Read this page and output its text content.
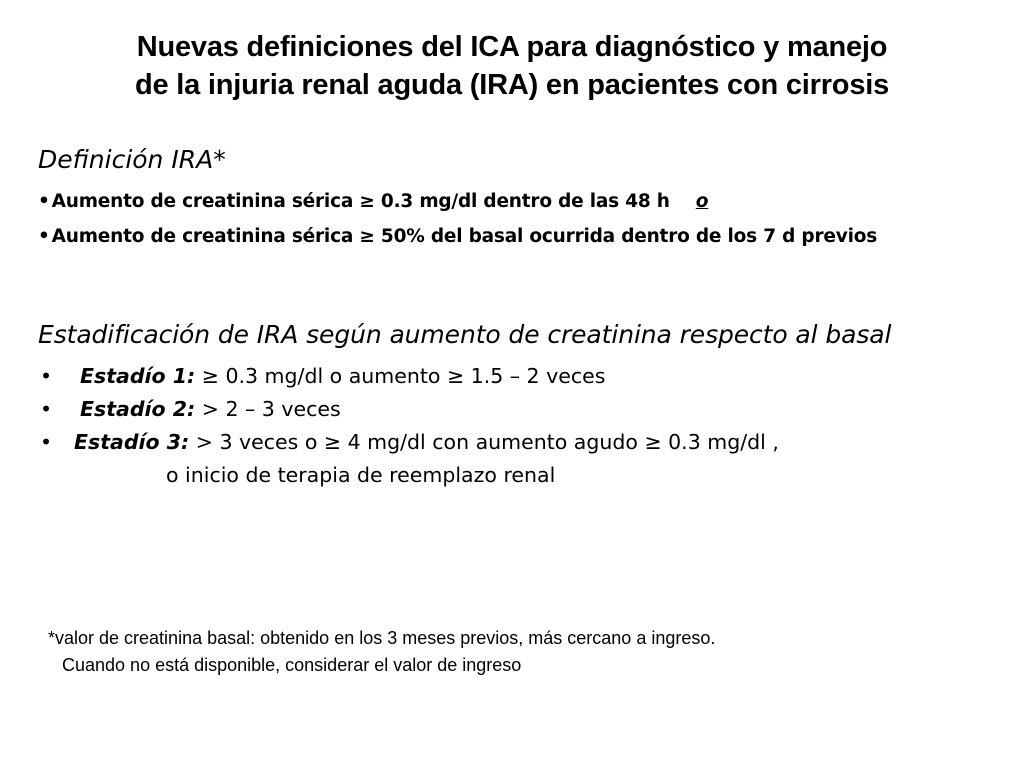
Nuevas definiciones del ICA para diagnóstico y manejo
de la injuria renal aguda (IRA) en pacientes con cirrosis
Definición IRA*
• Aumento de creatinina sérica ≥ 0.3 mg/dl dentro de las 48 h o
• Aumento de creatinina sérica ≥ 50% del basal ocurrida dentro de los 7 d previos
Estadificación de IRA según aumento de creatinina respecto al basal
• Estadío 1: ≥ 0.3 mg/dl o aumento ≥ 1.5 – 2 veces
• Estadío 2: > 2 – 3 veces
• Estadío 3: > 3 veces o ≥ 4 mg/dl con aumento agudo ≥ 0.3 mg/dl ,
o inicio de terapia de reemplazo renal
*valor de creatinina basal: obtenido en los 3 meses previos, más cercano a ingreso.
Cuando no está disponible, considerar el valor de ingreso
